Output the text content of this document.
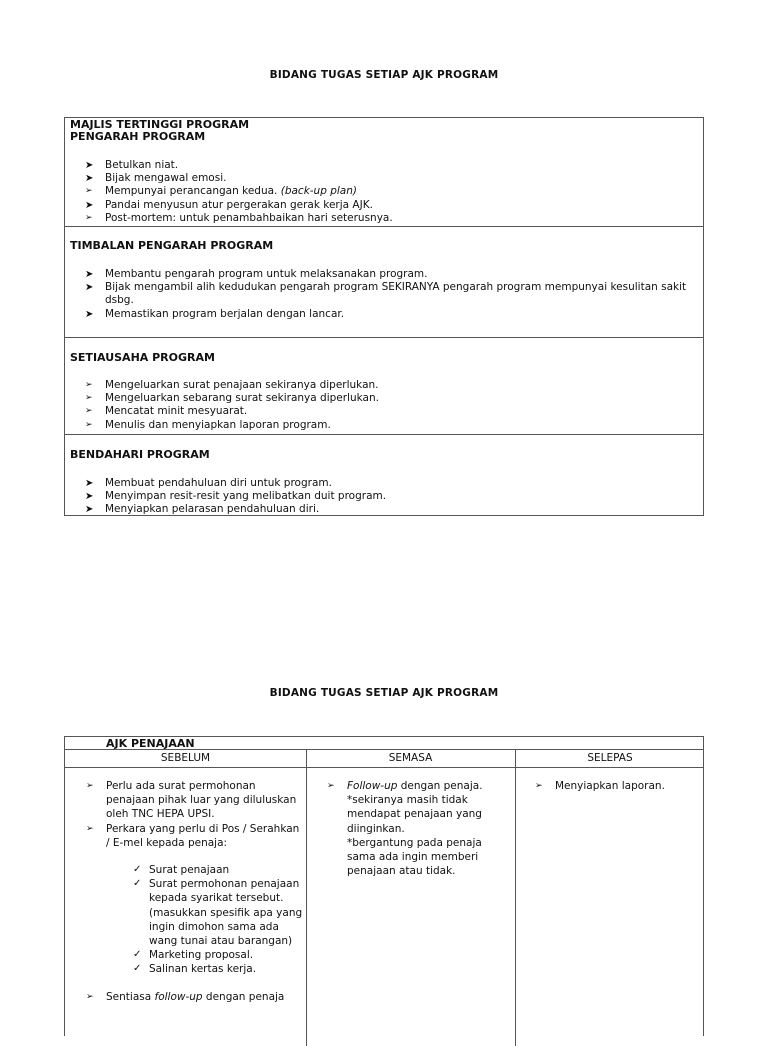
BIDANG TUGAS SETIAP AJK PROGRAM
MAJLIS TERTINGGI PROGRAM
PENGARAH PROGRAM
➤ Betulkan niat.
➤ Bijak mengawal emosi.
➢ Mempunyai perancangan kedua. (back-up plan)
➤ Pandai menyusun atur pergerakan gerak kerja AJK.
➢ Post-mortem: untuk penambahbaikan hari seterusnya.
TIMBALAN PENGARAH PROGRAM
➤ Membantu pengarah program untuk melaksanakan program.
➤ Bijak mengambil alih kedudukan pengarah program SEKIRANYA pengarah program mempunyai kesulitan sakit dsbg.
➤ Memastikan program berjalan dengan lancar.
SETIAUSAHA PROGRAM
➢ Mengeluarkan surat penajaan sekiranya diperlukan.
➢ Mengeluarkan sebarang surat sekiranya diperlukan.
➢ Mencatat minit mesyuarat.
➢ Menulis dan menyiapkan laporan program.
BENDAHARI PROGRAM
➤ Membuat pendahuluan diri untuk program.
➤ Menyimpan resit-resit yang melibatkan duit program.
➤ Menyiapkan pelarasan pendahuluan diri.
BIDANG TUGAS SETIAP AJK PROGRAM
AJK PENAJAAN
SEBELUM	SEMASA	SELEPAS
➢ Perlu ada surat permohonan penajaan pihak luar yang diluluskan oleh TNC HEPA UPSI.
➢ Perkara yang perlu di Pos / Serahkan / E-mel kepada penaja:
✓ Surat penajaan
✓ Surat permohonan penajaan kepada syarikat tersebut.
(masukkan spesifik apa yang ingin dimohon sama ada wang tunai atau barangan)
✓ Marketing proposal.
✓ Salinan kertas kerja.
➢ Sentiasa follow-up dengan penaja
➢ Follow-up dengan penaja.
*sekiranya masih tidak mendapat penajaan yang diinginkan.
*bergantung pada penaja sama ada ingin memberi penajaan atau tidak.
➢ Menyiapkan laporan.
